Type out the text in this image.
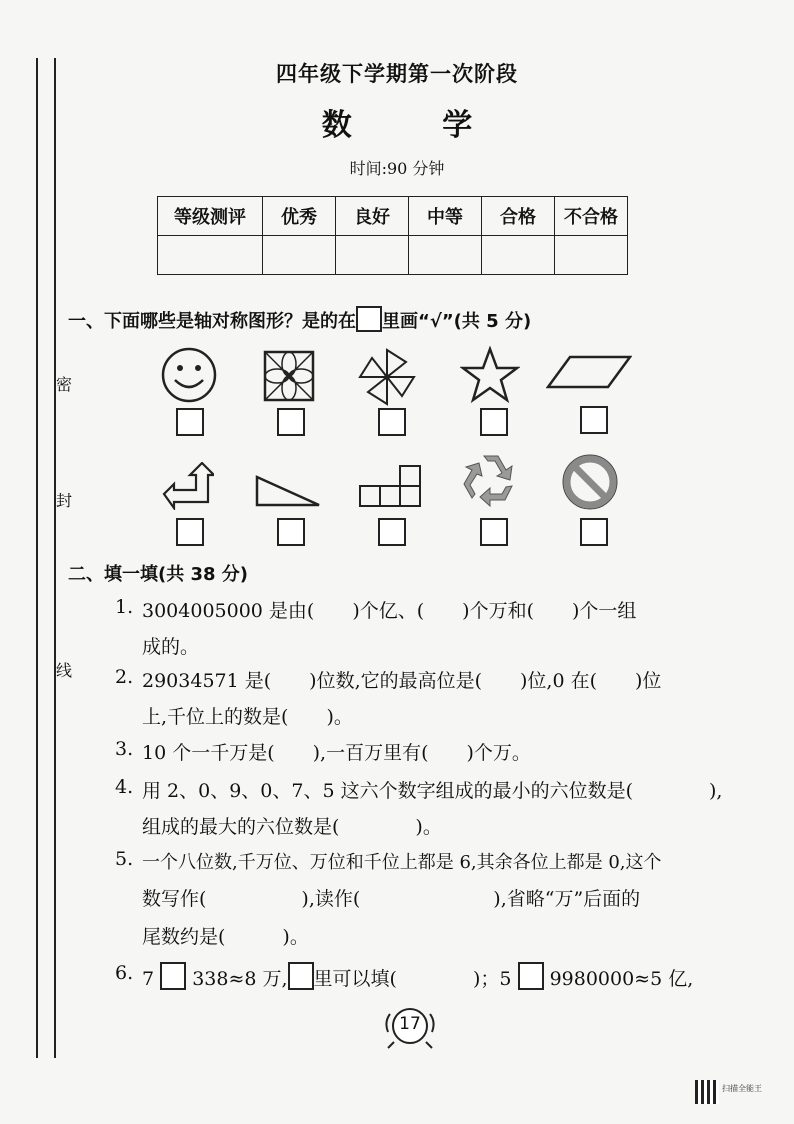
密
封
线
四年级下学期第一次阶段
数 学
时间:90 分钟
等级测评	优秀	良好	中等	合格	不合格

一、下面哪些是轴对称图形？是的在 里画“√”(共 5 分)
二、填一填(共 38 分)
1. 3004005000 是由(　　)个亿、(　　)个万和(　　)个一组
成的。
2. 29034571 是(　　)位数,它的最高位是(　　)位,0 在(　　)位
上,千位上的数是(　　)。
3. 10 个一千万是(　　),一百万里有(　　)个万。
4. 用 2、0、9、0、7、5 这六个数字组成的最小的六位数是(　　　　),
组成的最大的六位数是(　　　　)。
5. 一个八位数,千万位、万位和千位上都是 6,其余各位上都是 0,这个
数写作(　　　　　),读作(　　　　　　　),省略“万”后面的
尾数约是(　　　)。
6. 7 338≈8 万, 里可以填(　　　　)；5 9980000≈5 亿,
17
扫描全能王
